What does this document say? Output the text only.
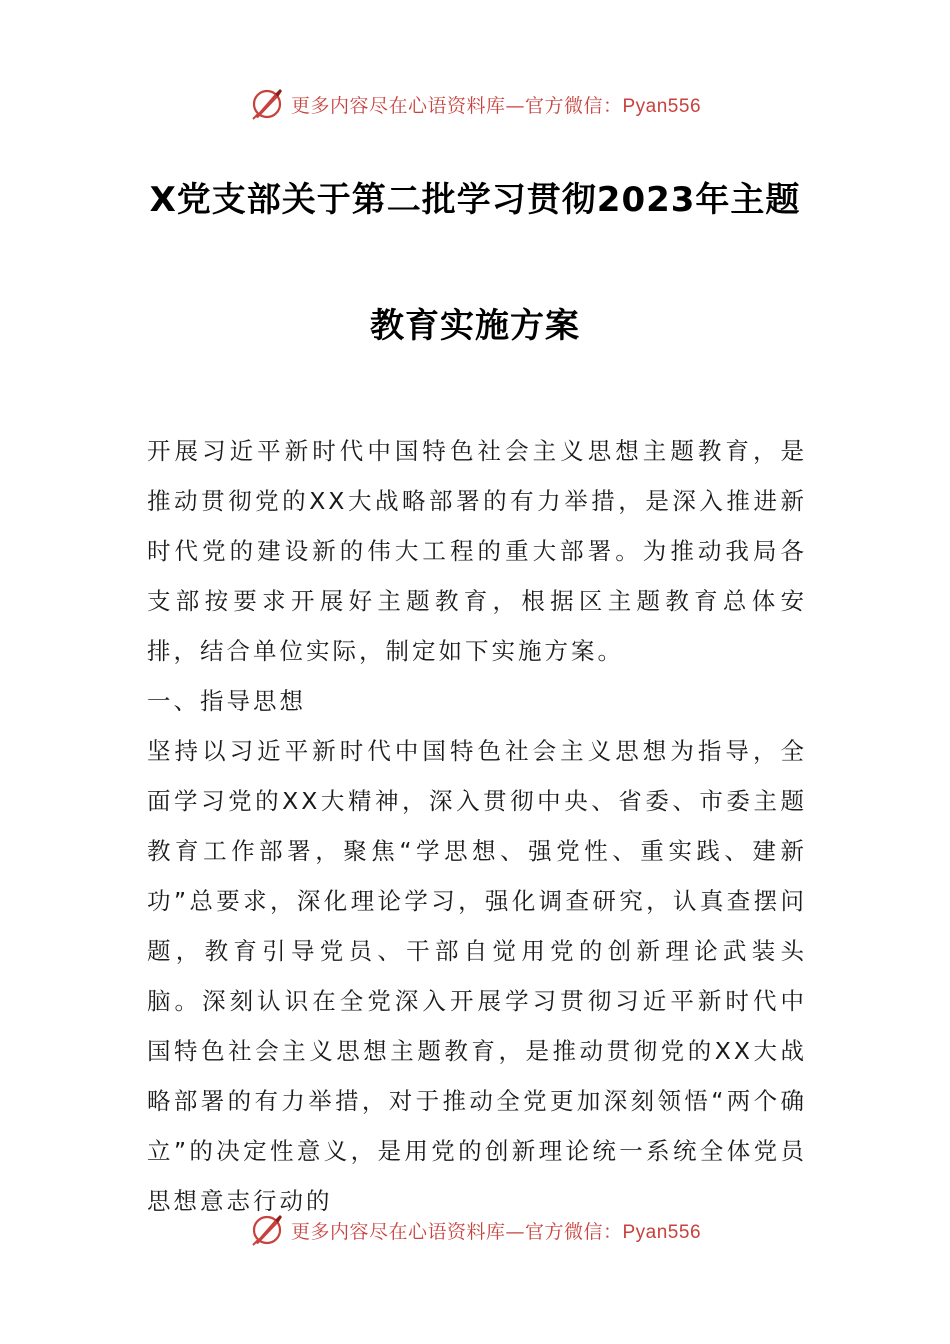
更多内容尽在心语资料库—官方微信：Pyan556
X党支部关于第二批学习贯彻2023年主题
教育实施方案

开展习近平新时代中国特色社会主义思想主题教育，是推动贯彻党的XX大战略部署的有力举措，是深入推进新时代党的建设新的伟大工程的重大部署。为推动我局各支部按要求开展好主题教育，根据区主题教育总体安排，结合单位实际，制定如下实施方案。

一、指导思想

坚持以习近平新时代中国特色社会主义思想为指导，全面学习党的XX大精神，深入贯彻中央、省委、市委主题教育工作部署，聚焦“学思想、强党性、重实践、建新功”总要求，深化理论学习，强化调查研究，认真查摆问题，教育引导党员、干部自觉用党的创新理论武装头脑。深刻认识在全党深入开展学习贯彻习近平新时代中国特色社会主义思想主题教育，是推动贯彻党的XX大战略部署的有力举措，对于推动全党更加深刻领悟“两个确立”的决定性意义，是用党的创新理论统一系统全体党员思想意志行动的

更多内容尽在心语资料库—官方微信：Pyan556
